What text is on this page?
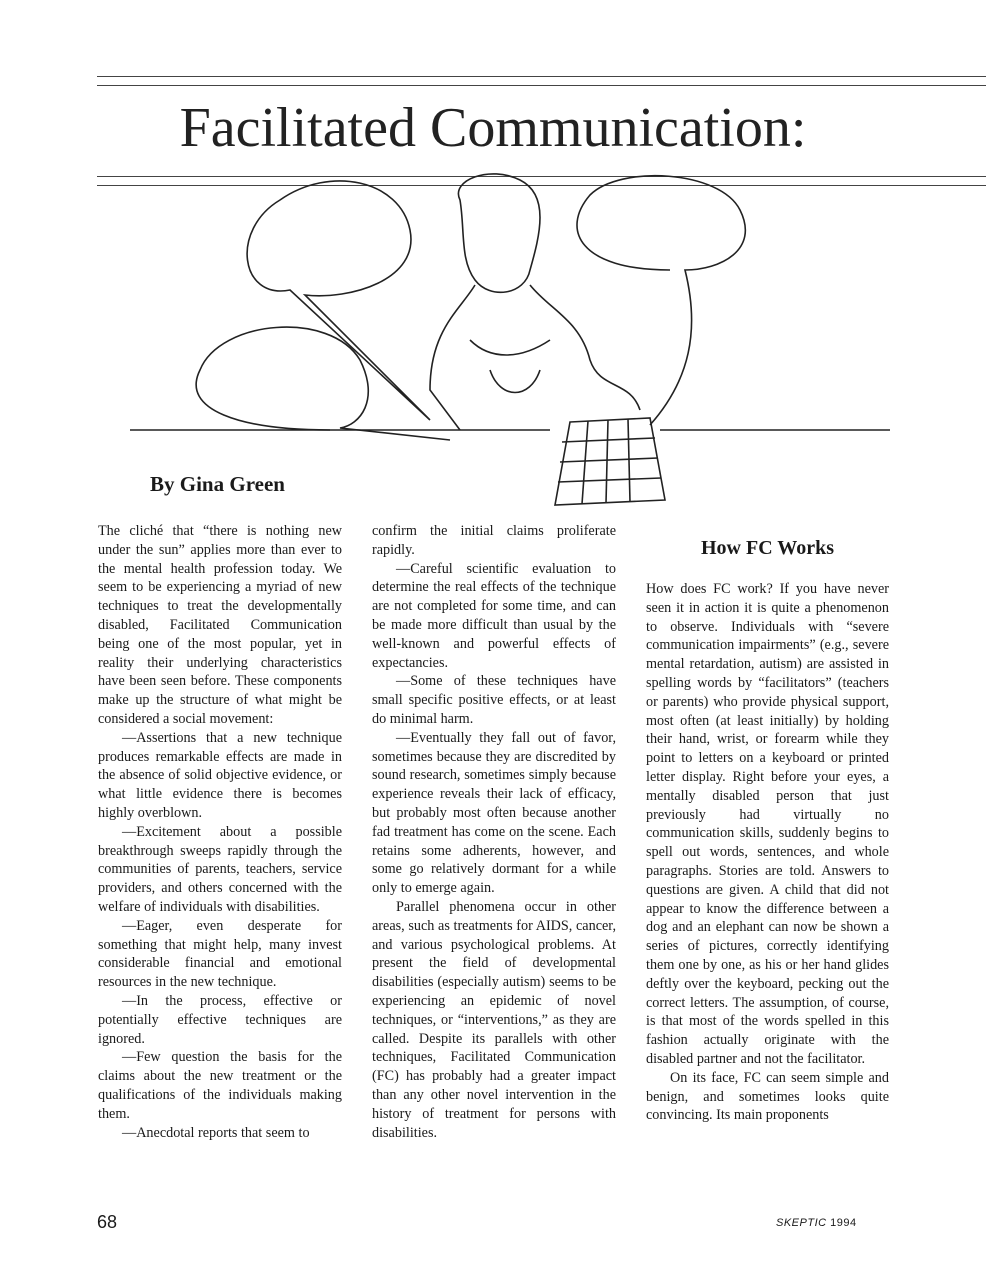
Facilitated Communication:
By Gina Green

The cliché that “there is nothing new under the sun” applies more than ever to the mental health profession today. We seem to be experiencing a myriad of new techniques to treat the developmentally disabled, Facilitated Communication being one of the most popular, yet in reality their underlying characteristics have been seen before. These components make up the structure of what might be considered a social movement:

—Assertions that a new technique produces remarkable effects are made in the absence of solid objective evidence, or what little evidence there is becomes highly overblown.

—Excitement about a possible breakthrough sweeps rapidly through the communities of parents, teachers, service providers, and others concerned with the welfare of individuals with disabilities.

—Eager, even desperate for something that might help, many invest considerable financial and emotional resources in the new technique.

—In the process, effective or potentially effective techniques are ignored.

—Few question the basis for the claims about the new treatment or the qualifications of the individuals making them.

—Anecdotal reports that seem to

confirm the initial claims proliferate rapidly.

—Careful scientific evaluation to determine the real effects of the technique are not completed for some time, and can be made more difficult than usual by the well-known and powerful effects of expectancies.

—Some of these techniques have small specific positive effects, or at least do minimal harm.

—Eventually they fall out of favor, sometimes because they are discredited by sound research, sometimes simply because experience reveals their lack of efficacy, but probably most often because another fad treatment has come on the scene. Each retains some adherents, however, and some go relatively dormant for a while only to emerge again.

Parallel phenomena occur in other areas, such as treatments for AIDS, cancer, and various psychological problems. At present the field of developmental disabilities (especially autism) seems to be experiencing an epidemic of novel techniques, or “interventions,” as they are called. Despite its parallels with other techniques, Facilitated Communication (FC) has probably had a greater impact than any other novel intervention in the history of treatment for persons with disabilities.

How FC Works

How does FC work? If you have never seen it in action it is quite a phenomenon to observe. Individuals with “severe communication impairments” (e.g., severe mental retardation, autism) are assisted in spelling words by “facilitators” (teachers or parents) who provide physical support, most often (at least initially) by holding their hand, wrist, or forearm while they point to letters on a keyboard or printed letter display. Right before your eyes, a mentally disabled person that just previously had virtually no communication skills, suddenly begins to spell out words, sentences, and whole paragraphs. Stories are told. Answers to questions are given. A child that did not appear to know the difference between a dog and an elephant can now be shown a series of pictures, correctly identifying them one by one, as his or her hand glides deftly over the keyboard, pecking out the correct letters. The assumption, of course, is that most of the words spelled in this fashion actually originate with the disabled partner and not the facilitator.

On its face, FC can seem simple and benign, and sometimes looks quite convincing. Its main proponents

68	SKEPTIC 1994
